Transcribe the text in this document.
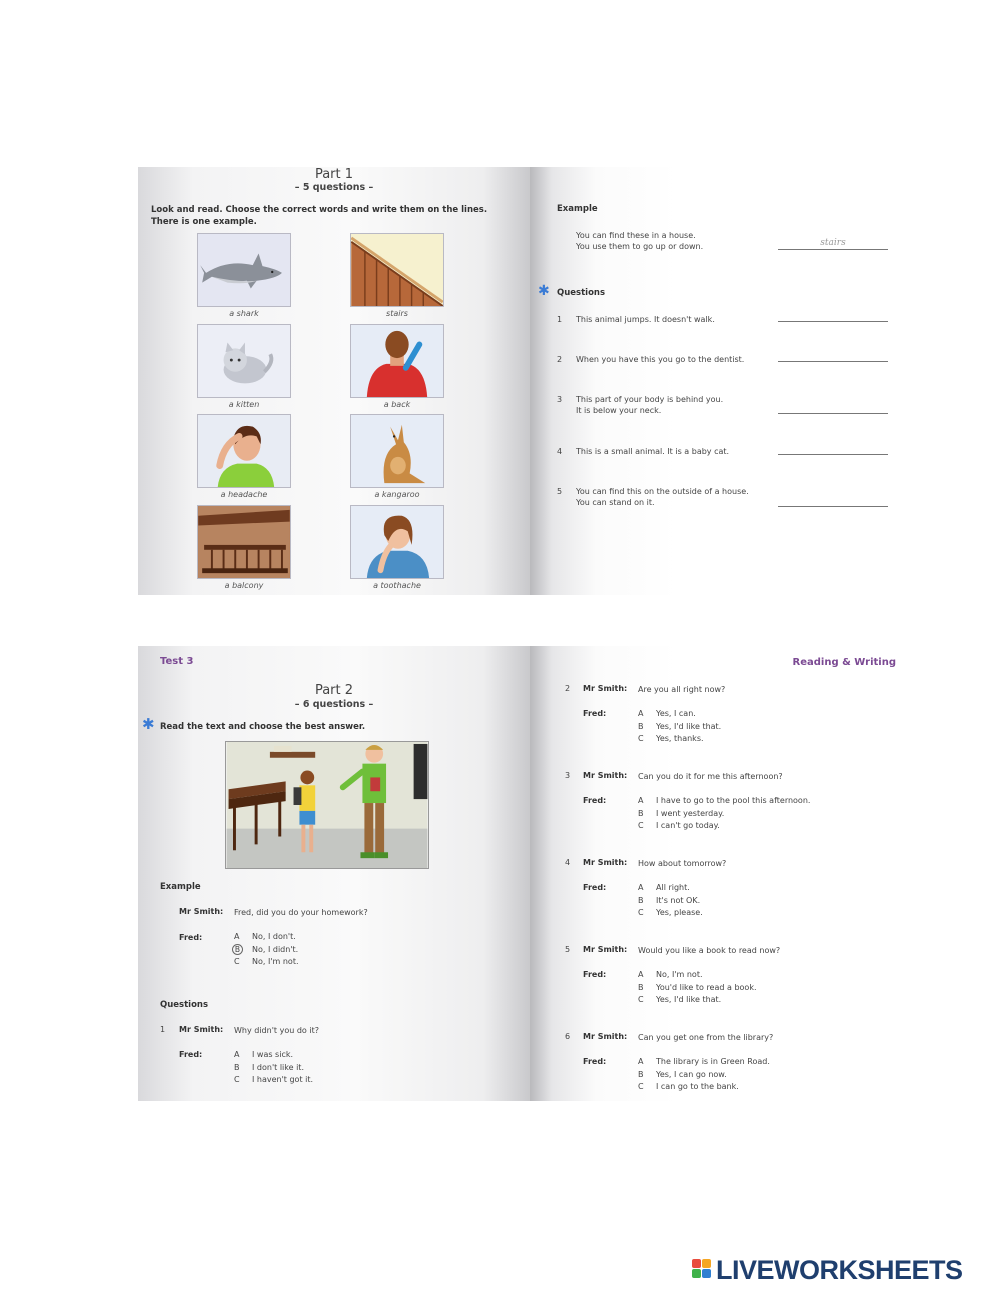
Part 1
– 5 questions –
Look and read. Choose the correct words and write them on the lines.
There is one example.
a shark	stairs
a kitten	a back
a headache	a kangaroo
a balcony	a toothache
Example
You can find these in a house.
You use them to go up or down.	stairs
✱ Questions
1 This animal jumps. It doesn't walk.
2 When you have this you go to the dentist.
3 This part of your body is behind you.
It is below your neck.
4 This is a small animal. It is a baby cat.
5 You can find this on the outside of a house.
You can stand on it.
Test 3
Part 2
– 6 questions –
✱ Read the text and choose the best answer.
Example
Mr Smith: Fred, did you do your homework?
Fred:	A No, I don't.
B No, I didn't.
C No, I'm not.
Questions
1 Mr Smith: Why didn't you do it?
Fred:	A I was sick.
B I don't like it.
C I haven't got it.
Reading & Writing
2 Mr Smith: Are you all right now?
Fred:	A Yes, I can.
B Yes, I'd like that.
C Yes, thanks.
3 Mr Smith: Can you do it for me this afternoon?
Fred:	A I have to go to the pool this afternoon.
B I went yesterday.
C I can't go today.
4 Mr Smith: How about tomorrow?
Fred:	A All right.
B It's not OK.
C Yes, please.
5 Mr Smith: Would you like a book to read now?
Fred:	A No, I'm not.
B You'd like to read a book.
C Yes, I'd like that.
6 Mr Smith: Can you get one from the library?
Fred:	A The library is in Green Road.
B Yes, I can go now.
C I can go to the bank.
LIVEWORKSHEETS
